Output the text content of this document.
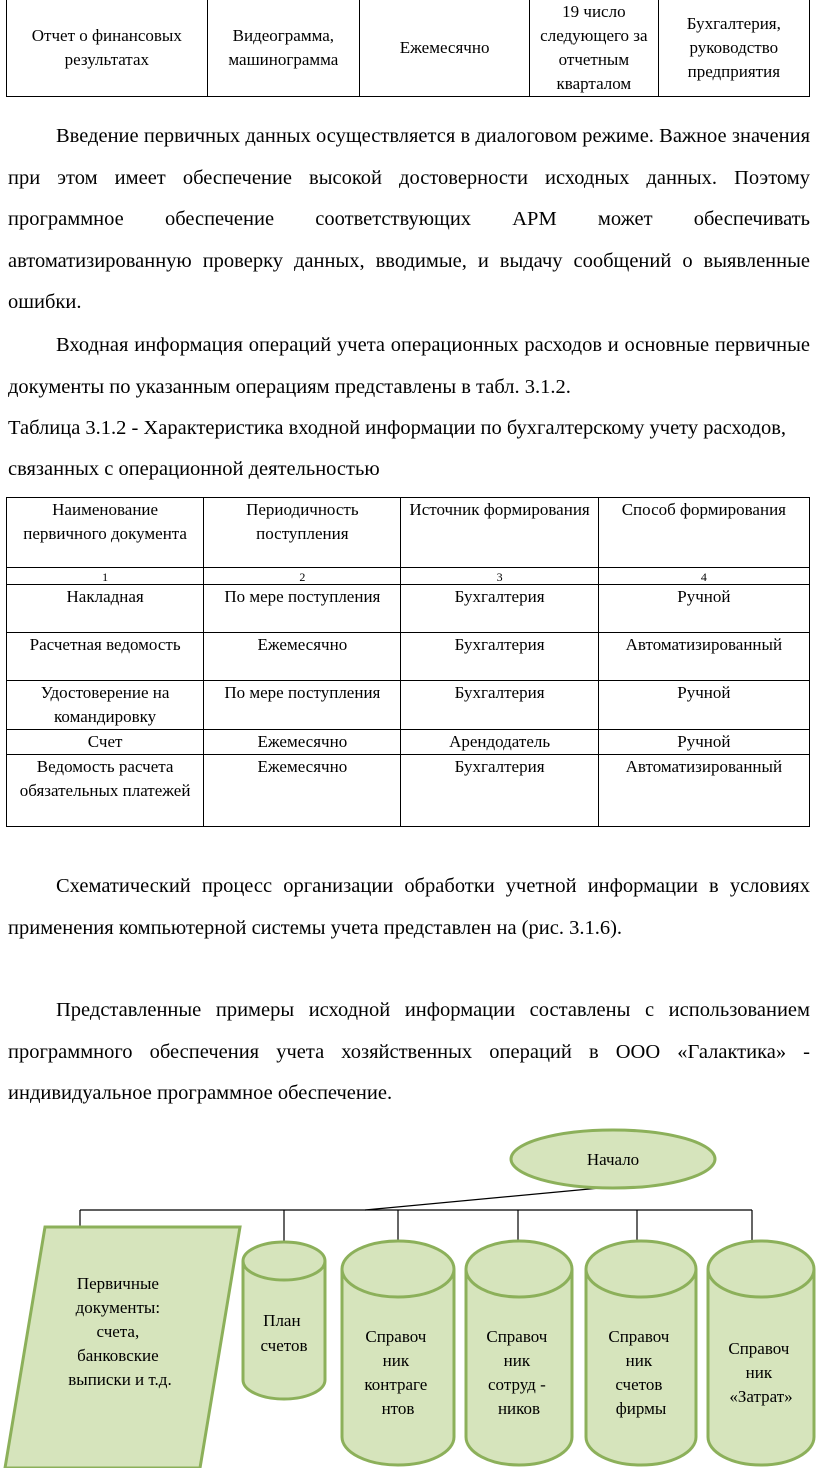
Отчет о финансовых результатах	Видеограмма, машинограмма	Ежемесячно	19 число следующего за отчетным кварталом	Бухгалтерия, руководство предприятия

Введение первичных данных осуществляется в диалоговом режиме. Важное значения при этом имеет обеспечение высокой достоверности исходных данных. Поэтому программное обеспечение соответствующих АРМ может обеспечивать автоматизированную проверку данных, вводимые, и выдачу сообщений о выявленные ошибки.

Входная информация операций учета операционных расходов и основные первичные документы по указанным операциям представлены в табл. 3.1.2.

Таблица 3.1.2 - Характеристика входной информации по бухгалтерскому учету расходов, связанных с операционной деятельностью

Наименование первичного документа	Периодичность поступления	Источник формирования	Способ формирования
1	2	3	4
Накладная	По мере поступления	Бухгалтерия	Ручной
Расчетная ведомость	Ежемесячно	Бухгалтерия	Автоматизированный
Удостоверение на командировку	По мере поступления	Бухгалтерия	Ручной
Счет	Ежемесячно	Арендодатель	Ручной
Ведомость расчета обязательных платежей	Ежемесячно	Бухгалтерия	Автоматизированный

Схематический процесс организации обработки учетной информации в условиях применения компьютерной системы учета представлен на (рис. 3.1.6).

Представленные примеры исходной информации составлены с использованием программного обеспечения учета хозяйственных операций в ООО «Галактика» - индивидуальное программное обеспечение.

Начало
Первичные документы: счета, банковские выписки и т.д.
План счетов	Справоч ник контраге нтов
Справоч ник сотруд - ников
Справоч ник счетов фирмы
Справоч ник «Затрат»
